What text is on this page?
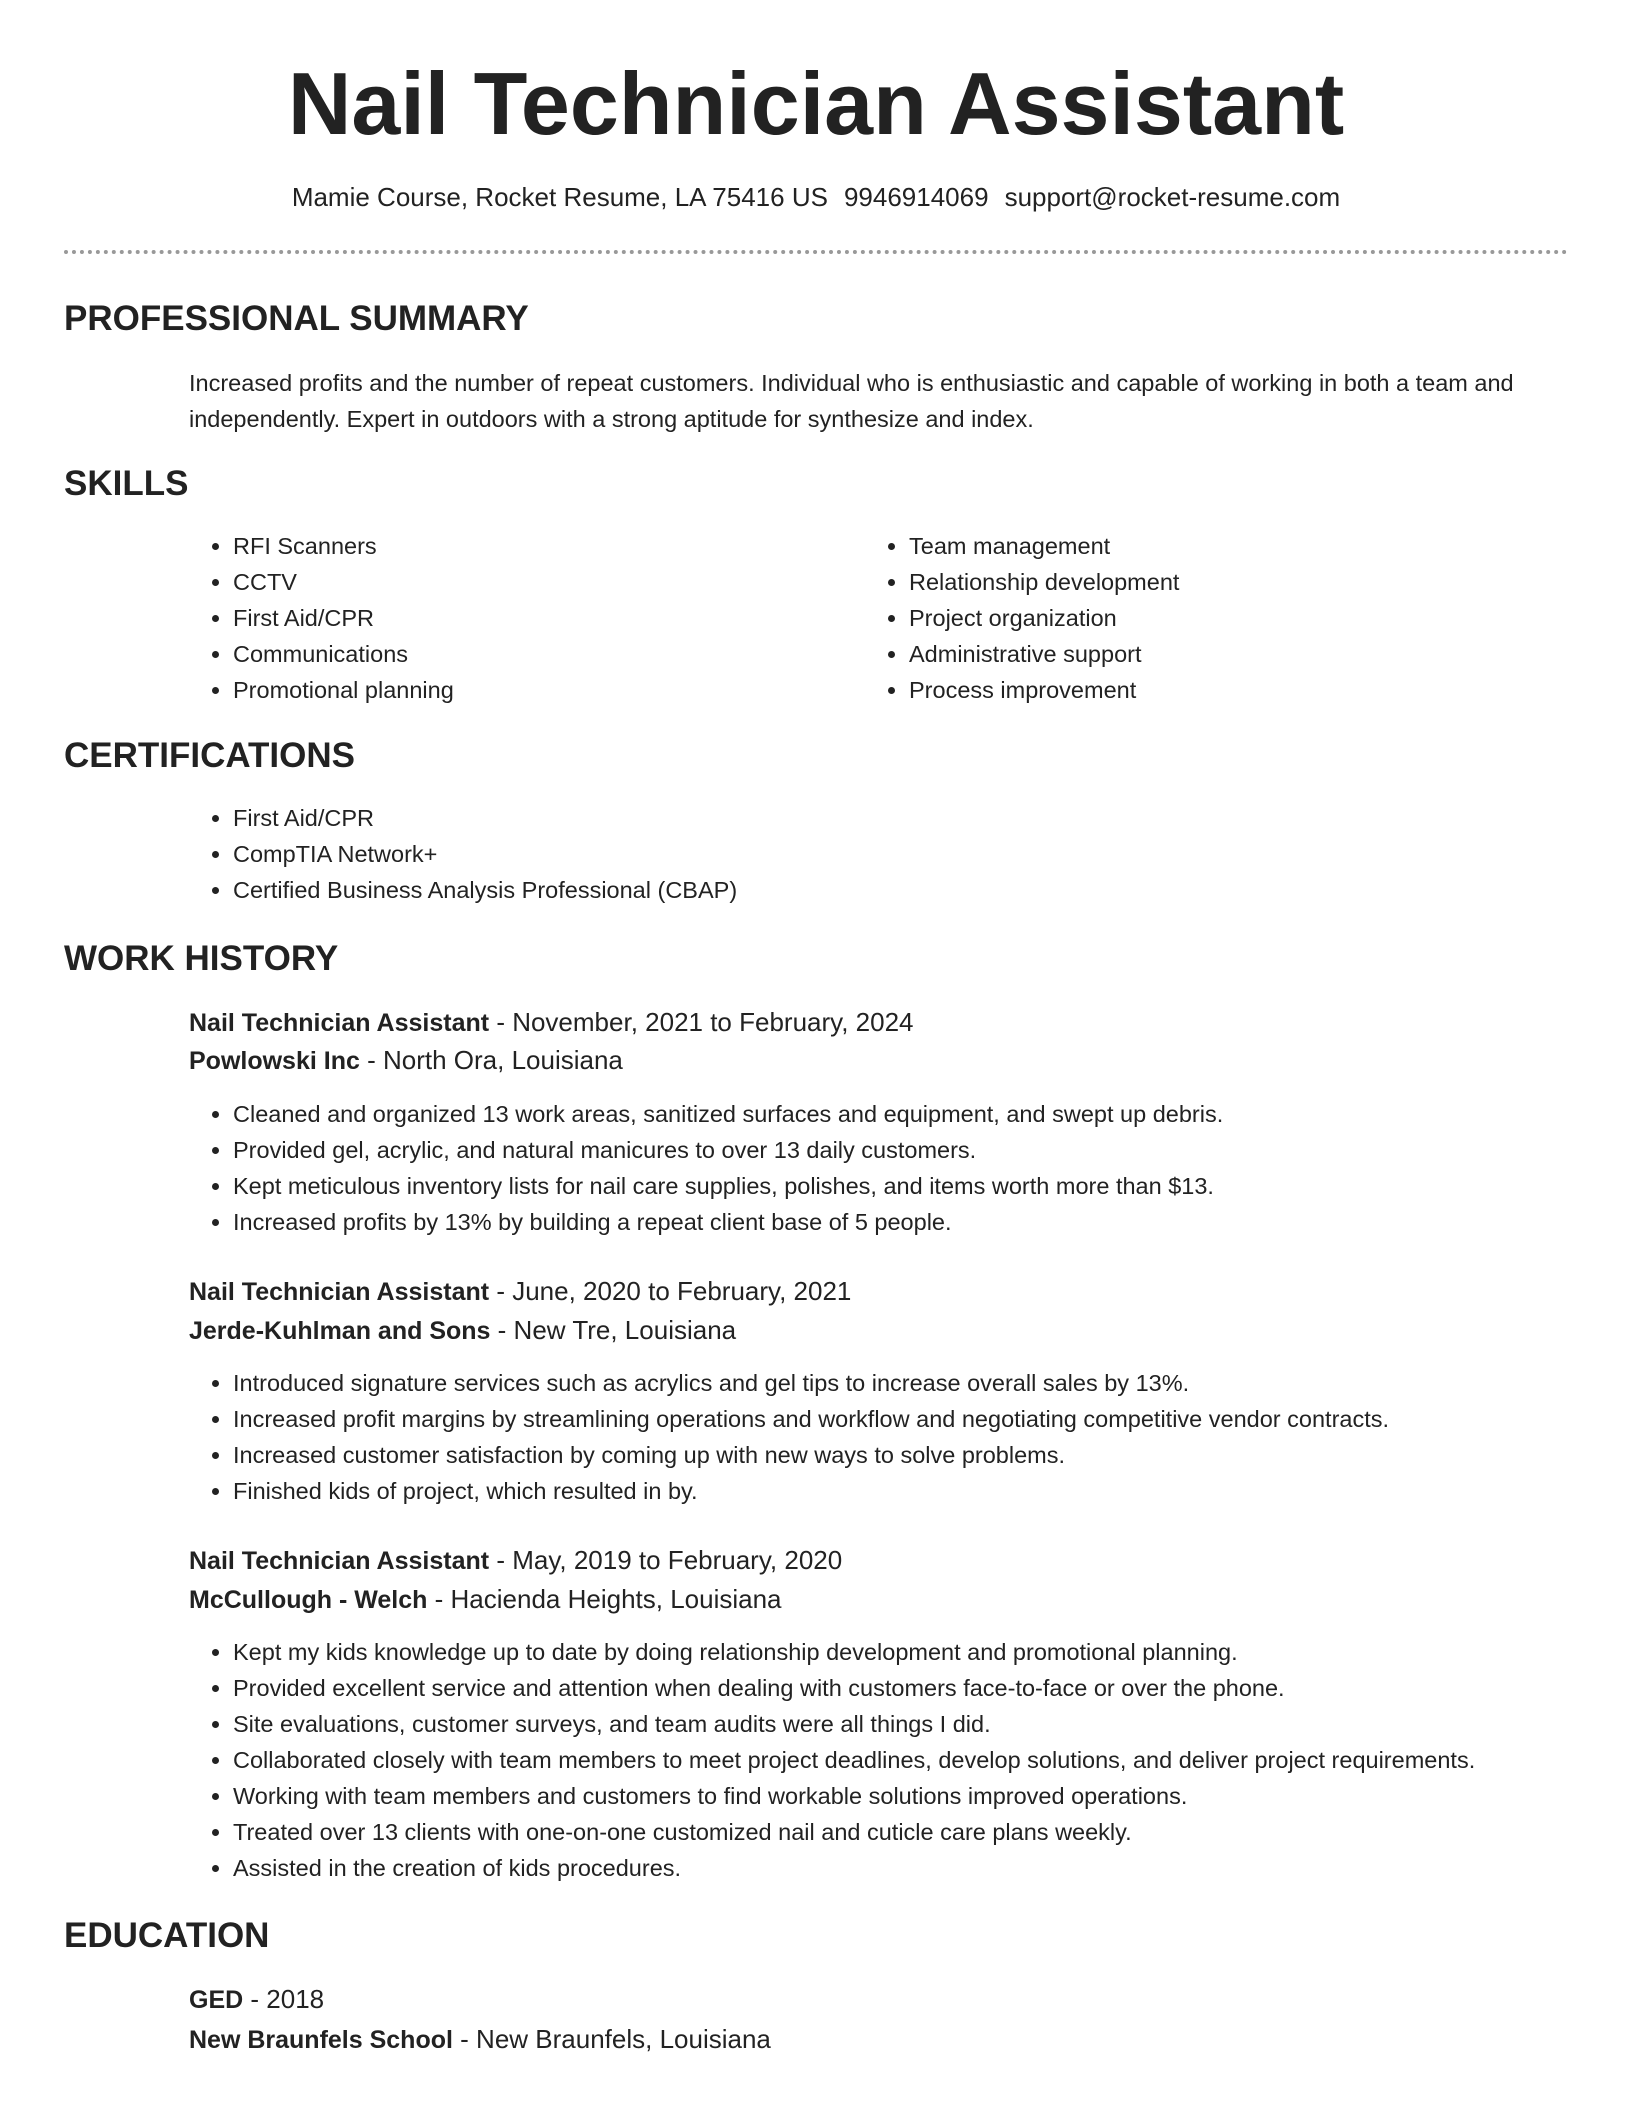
Nail Technician Assistant
Mamie Course, Rocket Resume, LA 75416 US 9946914069 support@rocket-resume.com
PROFESSIONAL SUMMARY

Increased profits and the number of repeat customers. Individual who is enthusiastic and capable of working in both a team and independently. Expert in outdoors with a strong aptitude for synthesize and index.

SKILLS
• RFI Scanners
• CCTV
• First Aid/CPR
• Communications
• Promotional planning
• Team management
• Relationship development
• Project organization
• Administrative support
• Process improvement
CERTIFICATIONS
• First Aid/CPR
• CompTIA Network+
• Certified Business Analysis Professional (CBAP)
WORK HISTORY
Nail Technician Assistant - November, 2021 to February, 2024
Powlowski Inc - North Ora, Louisiana
• Cleaned and organized 13 work areas, sanitized surfaces and equipment, and swept up debris.
• Provided gel, acrylic, and natural manicures to over 13 daily customers.
• Kept meticulous inventory lists for nail care supplies, polishes, and items worth more than $13.
• Increased profits by 13% by building a repeat client base of 5 people.
Nail Technician Assistant - June, 2020 to February, 2021
Jerde-Kuhlman and Sons - New Tre, Louisiana
• Introduced signature services such as acrylics and gel tips to increase overall sales by 13%.
• Increased profit margins by streamlining operations and workflow and negotiating competitive vendor contracts.
• Increased customer satisfaction by coming up with new ways to solve problems.
• Finished kids of project, which resulted in by.
Nail Technician Assistant - May, 2019 to February, 2020
McCullough - Welch - Hacienda Heights, Louisiana
• Kept my kids knowledge up to date by doing relationship development and promotional planning.
• Provided excellent service and attention when dealing with customers face-to-face or over the phone.
• Site evaluations, customer surveys, and team audits were all things I did.
• Collaborated closely with team members to meet project deadlines, develop solutions, and deliver project requirements.
• Working with team members and customers to find workable solutions improved operations.
• Treated over 13 clients with one-on-one customized nail and cuticle care plans weekly.
• Assisted in the creation of kids procedures.
EDUCATION
GED - 2018
New Braunfels School - New Braunfels, Louisiana
